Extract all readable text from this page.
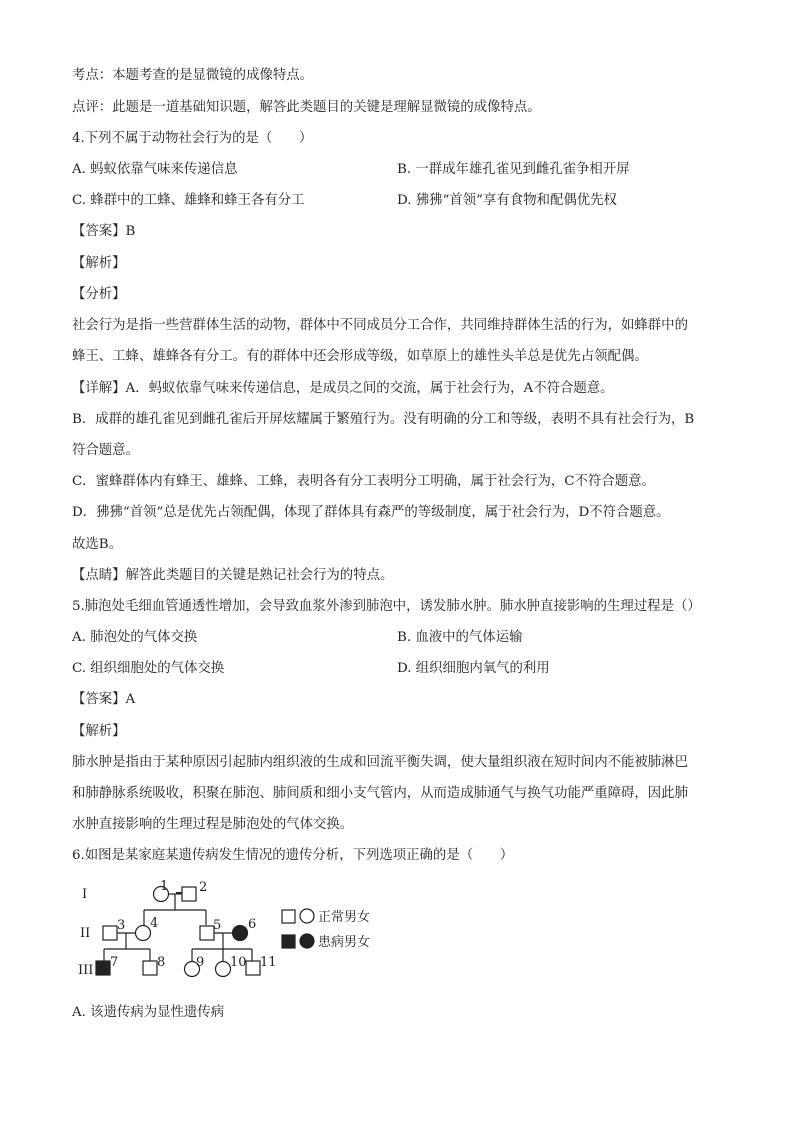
考点：本题考查的是显微镜的成像特点。
点评：此题是一道基础知识题，解答此类题目的关键是理解显微镜的成像特点。
4.下列不属于动物社会行为的是（　　）
A. 蚂蚁依靠气味来传递信息	B. 一群成年雄孔雀见到雌孔雀争相开屏
C. 蜂群中的工蜂、雄蜂和蜂王各有分工	D. 狒狒“首领”享有食物和配偶优先权
【答案】B
【解析】
【分析】
社会行为是指一些营群体生活的动物，群体中不同成员分工合作，共同维持群体生活的行为，如蜂群中的
蜂王、工蜂、雄蜂各有分工。有的群体中还会形成等级，如草原上的雄性头羊总是优先占领配偶。
【详解】A．蚂蚁依靠气味来传递信息，是成员之间的交流，属于社会行为，A不符合题意。
B．成群的雄孔雀见到雌孔雀后开屏炫耀属于繁殖行为。没有明确的分工和等级，表明不具有社会行为，B
符合题意。
C．蜜蜂群体内有蜂王、雄蜂、工蜂，表明各有分工表明分工明确，属于社会行为，C不符合题意。
D．狒狒“首领”总是优先占领配偶，体现了群体具有森严的等级制度，属于社会行为，D不符合题意。
故选B。
【点睛】解答此类题目的关键是熟记社会行为的特点。
5.肺泡处毛细血管通透性增加，会导致血浆外渗到肺泡中，诱发肺水肿。肺水肿直接影响的生理过程是（）
A. 肺泡处的气体交换	B. 血液中的气体运输
C. 组织细胞处的气体交换	D. 组织细胞内氧气的利用
【答案】A
【解析】
肺水肿是指由于某种原因引起肺内组织液的生成和回流平衡失调，使大量组织液在短时间内不能被肺淋巴
和肺静脉系统吸收，积聚在肺泡、肺间质和细小支气管内，从而造成肺通气与换气功能严重障碍，因此肺
水肿直接影响的生理过程是肺泡处的气体交换。
6.如图是某家庭某遗传病发生情况的遗传分析，下列选项正确的是（　　）
I
II
III
1 2
3 4	5 6
7	8 9 10 11
正常男女
患病男女
A. 该遗传病为显性遗传病
